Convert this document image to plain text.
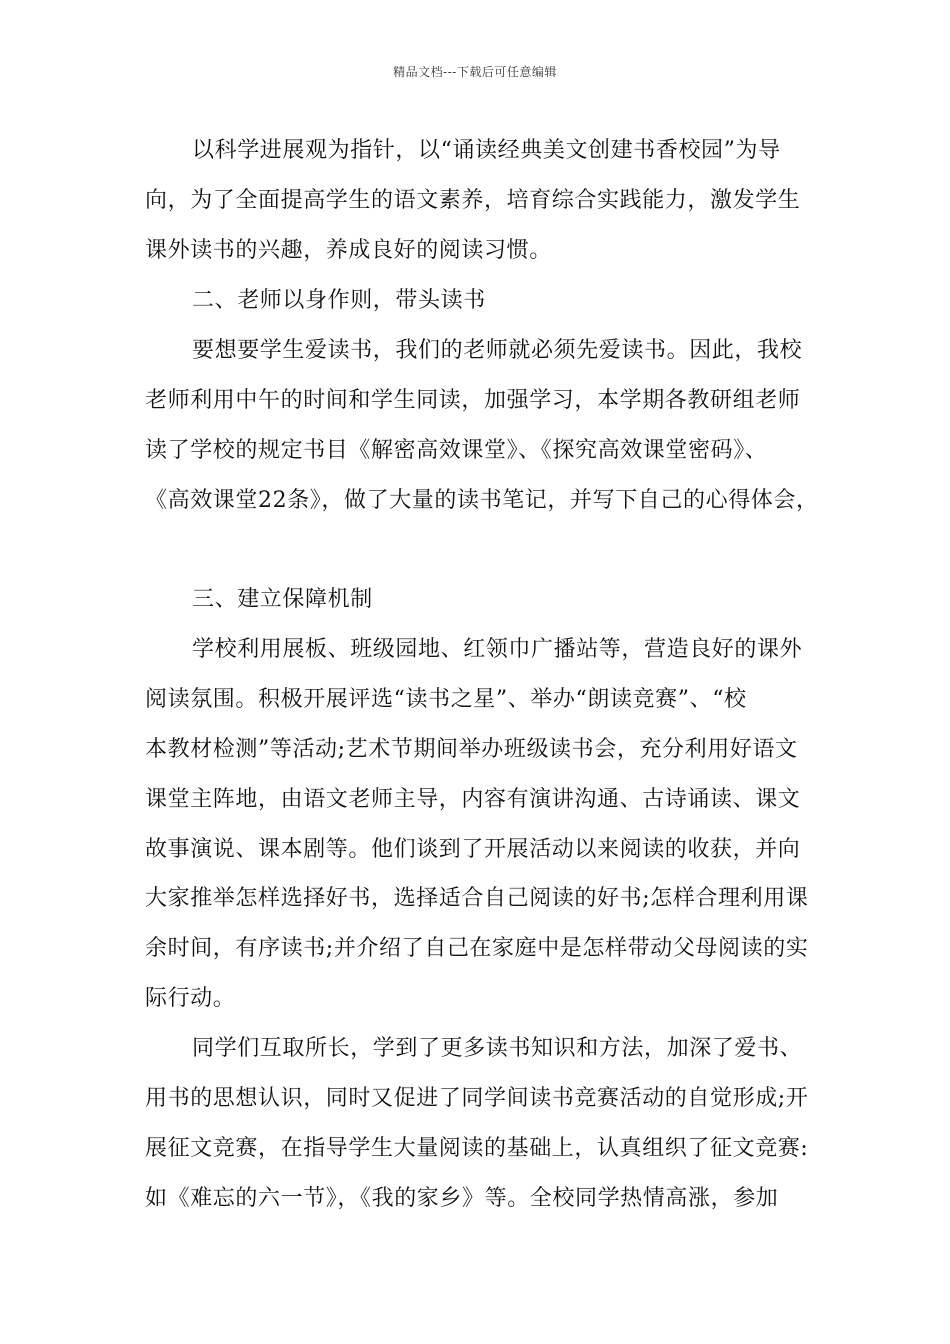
精品文档---下载后可任意编辑
以科学进展观为指针，以“诵读经典美文创建书香校园”为导
向，为了全面提高学生的语文素养，培育综合实践能力，激发学生
课外读书的兴趣，养成良好的阅读习惯。
二、老师以身作则，带头读书
要想要学生爱读书，我们的老师就必须先爱读书。因此，我校
老师利用中午的时间和学生同读，加强学习，本学期各教研组老师
读了学校的规定书目《解密高效课堂》、《探究高效课堂密码》、
《高效课堂22条》，做了大量的读书笔记，并写下自己的心得体会，
三、建立保障机制
学校利用展板、班级园地、红领巾广播站等，营造良好的课外
阅读氛围。积极开展评选“读书之星”、举办“朗读竞赛”、“校
本教材检测”等活动;艺术节期间举办班级读书会，充分利用好语文
课堂主阵地，由语文老师主导，内容有演讲沟通、古诗诵读、课文
故事演说、课本剧等。他们谈到了开展活动以来阅读的收获，并向
大家推举怎样选择好书，选择适合自己阅读的好书;怎样合理利用课
余时间，有序读书;并介绍了自己在家庭中是怎样带动父母阅读的实
际行动。
同学们互取所长，学到了更多读书知识和方法，加深了爱书、
用书的思想认识，同时又促进了同学间读书竞赛活动的自觉形成;开
展征文竞赛，在指导学生大量阅读的基础上，认真组织了征文竞赛:
如《难忘的六一节》，《我的家乡》等。全校同学热情高涨，参加
